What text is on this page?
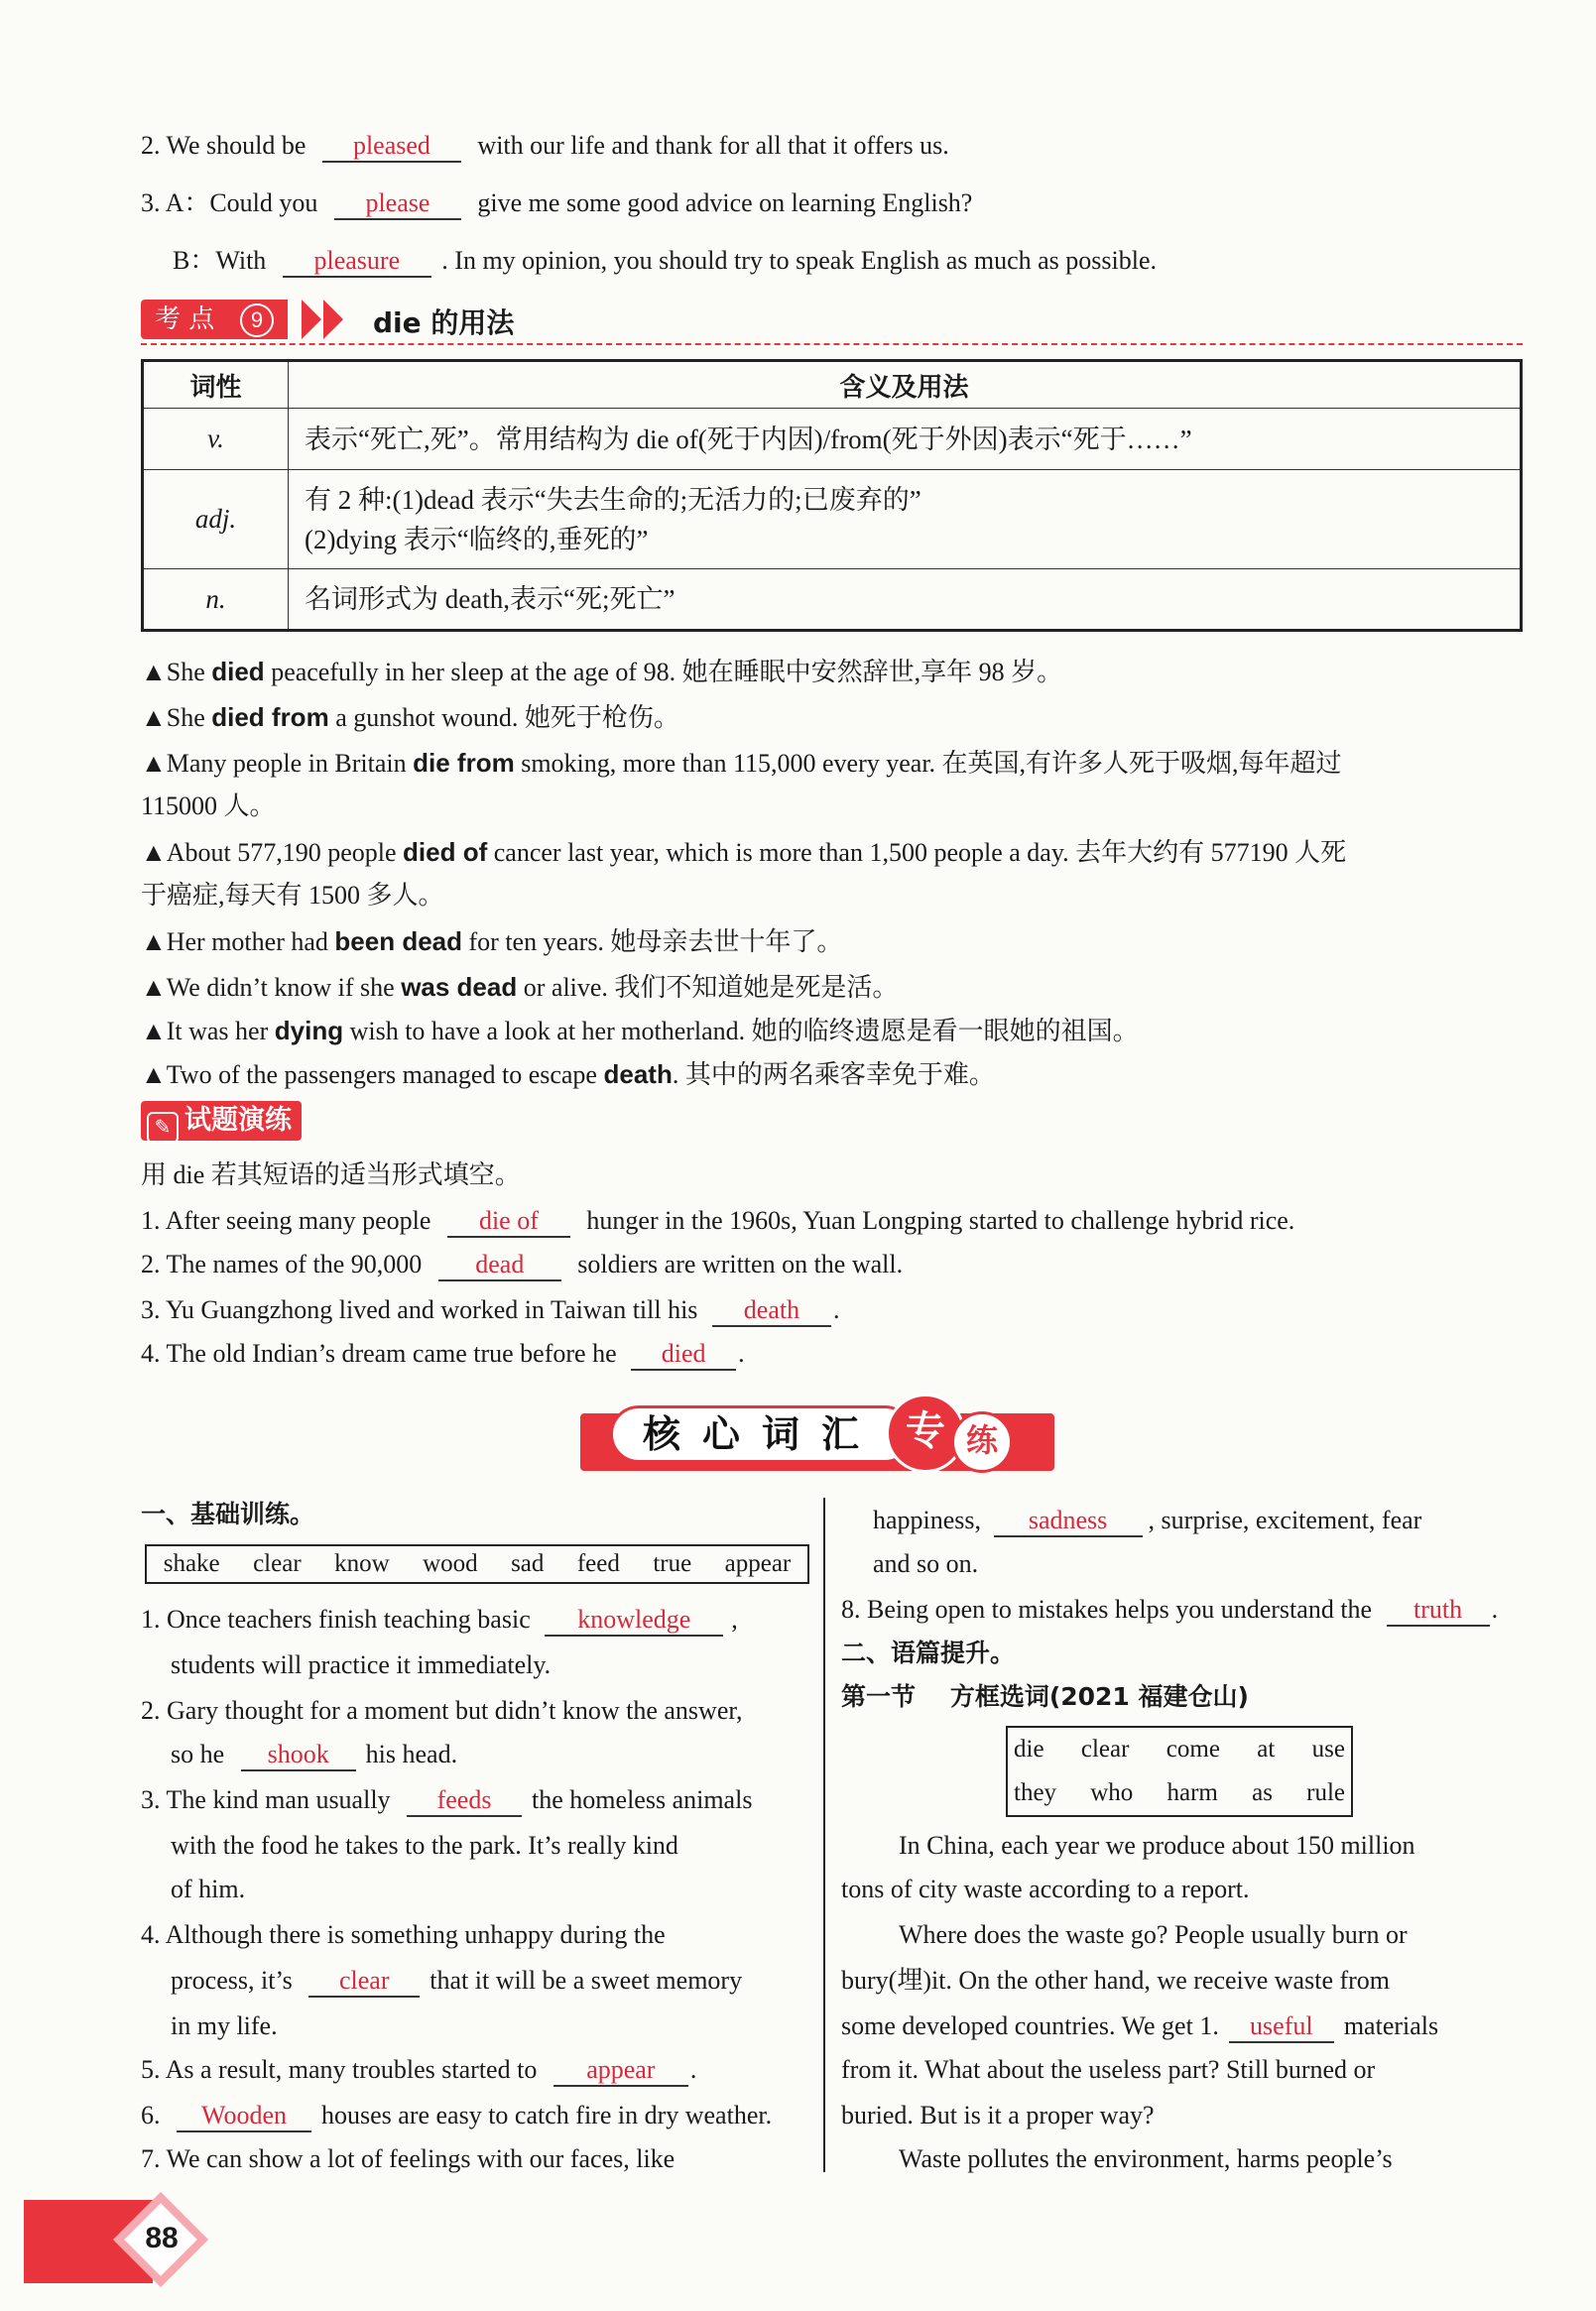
2. We should be pleased with our life and thank for all that it offers us.
3. A：Could you please give me some good advice on learning English?
B：With pleasure . In my opinion, you should try to speak English as much as possible.
考 点	9	die 的用法
词性	含义及用法
v.	表示“死亡,死”。常用结构为 die of(死于内因)/from(死于外因)表示“死于……”
adj.	有 2 种:(1)dead 表示“失去生命的;无活力的;已废弃的”
(2)dying 表示“临终的,垂死的”

n.	名词形式为 death,表示“死;死亡”
▲She died peacefully in her sleep at the age of 98. 她在睡眠中安然辞世,享年 98 岁。
▲She died from a gunshot wound. 她死于枪伤。
▲Many people in Britain die from smoking, more than 115,000 every year. 在英国,有许多人死于吸烟,每年超过
115000 人。
▲About 577,190 people died of cancer last year, which is more than 1,500 people a day. 去年大约有 577190 人死
于癌症,每天有 1500 多人。
▲Her mother had been dead for ten years. 她母亲去世十年了。
▲We didn’t know if she was dead or alive. 我们不知道她是死是活。
▲It was her dying wish to have a look at her motherland. 她的临终遗愿是看一眼她的祖国。
▲Two of the passengers managed to escape death. 其中的两名乘客幸免于难。
✎ 试题演练
用 die 若其短语的适当形式填空。
1. After seeing many people die of hunger in the 1960s, Yuan Longping started to challenge hybrid rice.
2. The names of the 90,000 dead soldiers are written on the wall.
3. Yu Guangzhong lived and worked in Taiwan till his death .
4. The old Indian’s dream came true before he died .
核心词汇 专 练
一、基础训练。
shake clear know wood sad feed true appear
1. Once teachers finish teaching basic knowledge ,
students will practice it immediately.
2. Gary thought for a moment but didn’t know the answer,
so he shook his head.
3. The kind man usually feeds the homeless animals
with the food he takes to the park. It’s really kind
of him.
4. Although there is something unhappy during the
process, it’s clear that it will be a sweet memory
in my life.
5. As a result, many troubles started to appear .
6. Wooden houses are easy to catch fire in dry weather.
7. We can show a lot of feelings with our faces, like
happiness, sadness , surprise, excitement, fear
and so on.
8. Being open to mistakes helps you understand the truth .
二、语篇提升。
第一节    方框选词(2021 福建仓山)
die clear come at use
they who harm as rule
In China, each year we produce about 150 million
tons of city waste according to a report.
Where does the waste go? People usually burn or
bury(埋)it. On the other hand, we receive waste from
some developed countries. We get 1. useful materials
from it. What about the useless part? Still burned or
buried. But is it a proper way?
Waste pollutes the environment, harms people’s
88
